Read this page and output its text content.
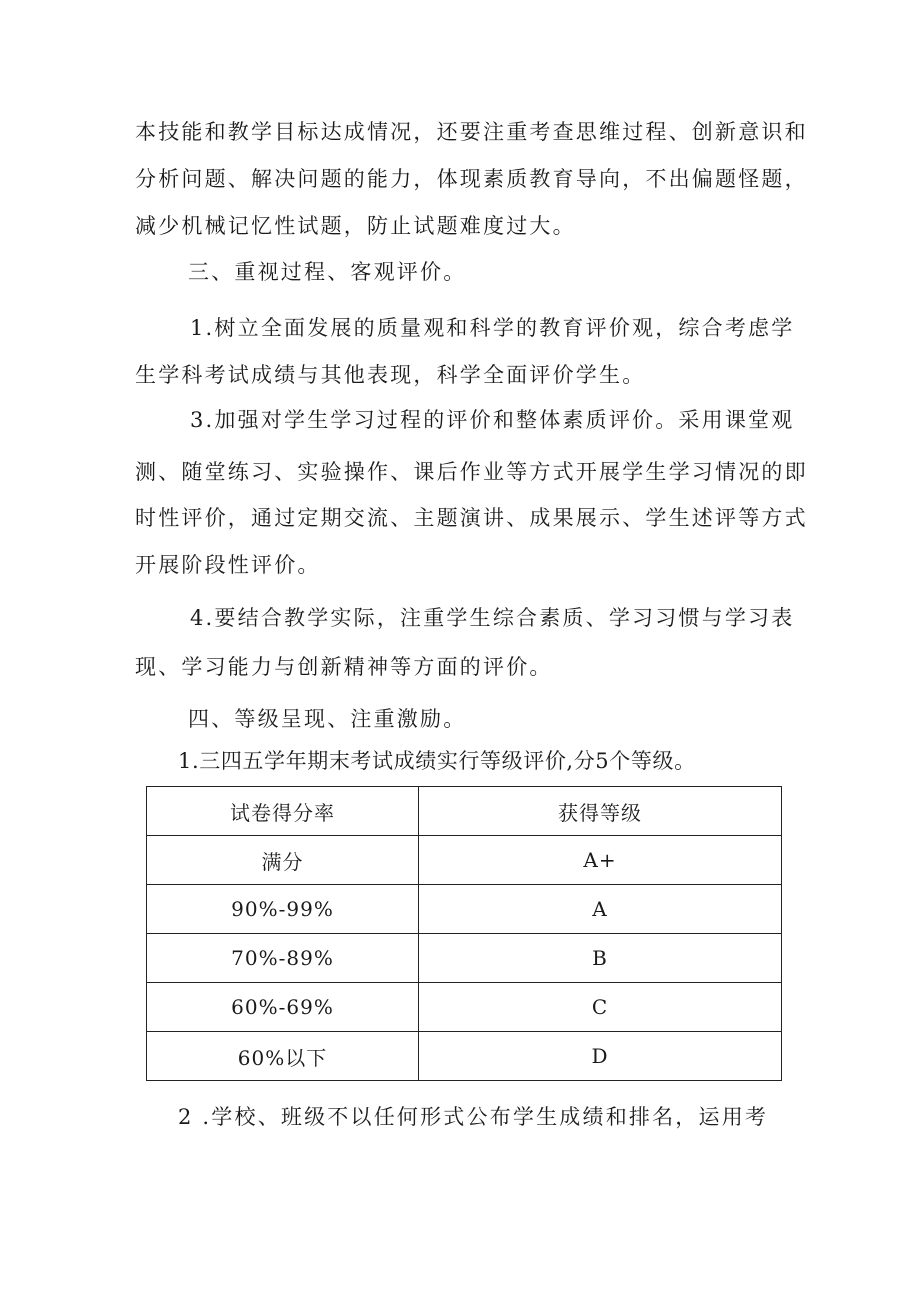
本技能和教学目标达成情况，还要注重考查思维过程、创新意识和
分析问题、解决问题的能力，体现素质教育导向，不出偏题怪题，
减少机械记忆性试题，防止试题难度过大。
三、重视过程、客观评价。
1.树立全面发展的质量观和科学的教育评价观，综合考虑学
生学科考试成绩与其他表现，科学全面评价学生。
3.加强对学生学习过程的评价和整体素质评价。采用课堂观
测、随堂练习、实验操作、课后作业等方式开展学生学习情况的即
时性评价，通过定期交流、主题演讲、成果展示、学生述评等方式
开展阶段性评价。
4.要结合教学实际，注重学生综合素质、学习习惯与学习表
现、学习能力与创新精神等方面的评价。
四、等级呈现、注重激励。
1.三四五学年期末考试成绩实行等级评价,分5个等级。
试卷得分率	获得等级
满分	A+
90%-99%	A
70%-89%	B
60%-69%	C
60%以下	D
2 .学校、班级不以任何形式公布学生成绩和排名，运用考
